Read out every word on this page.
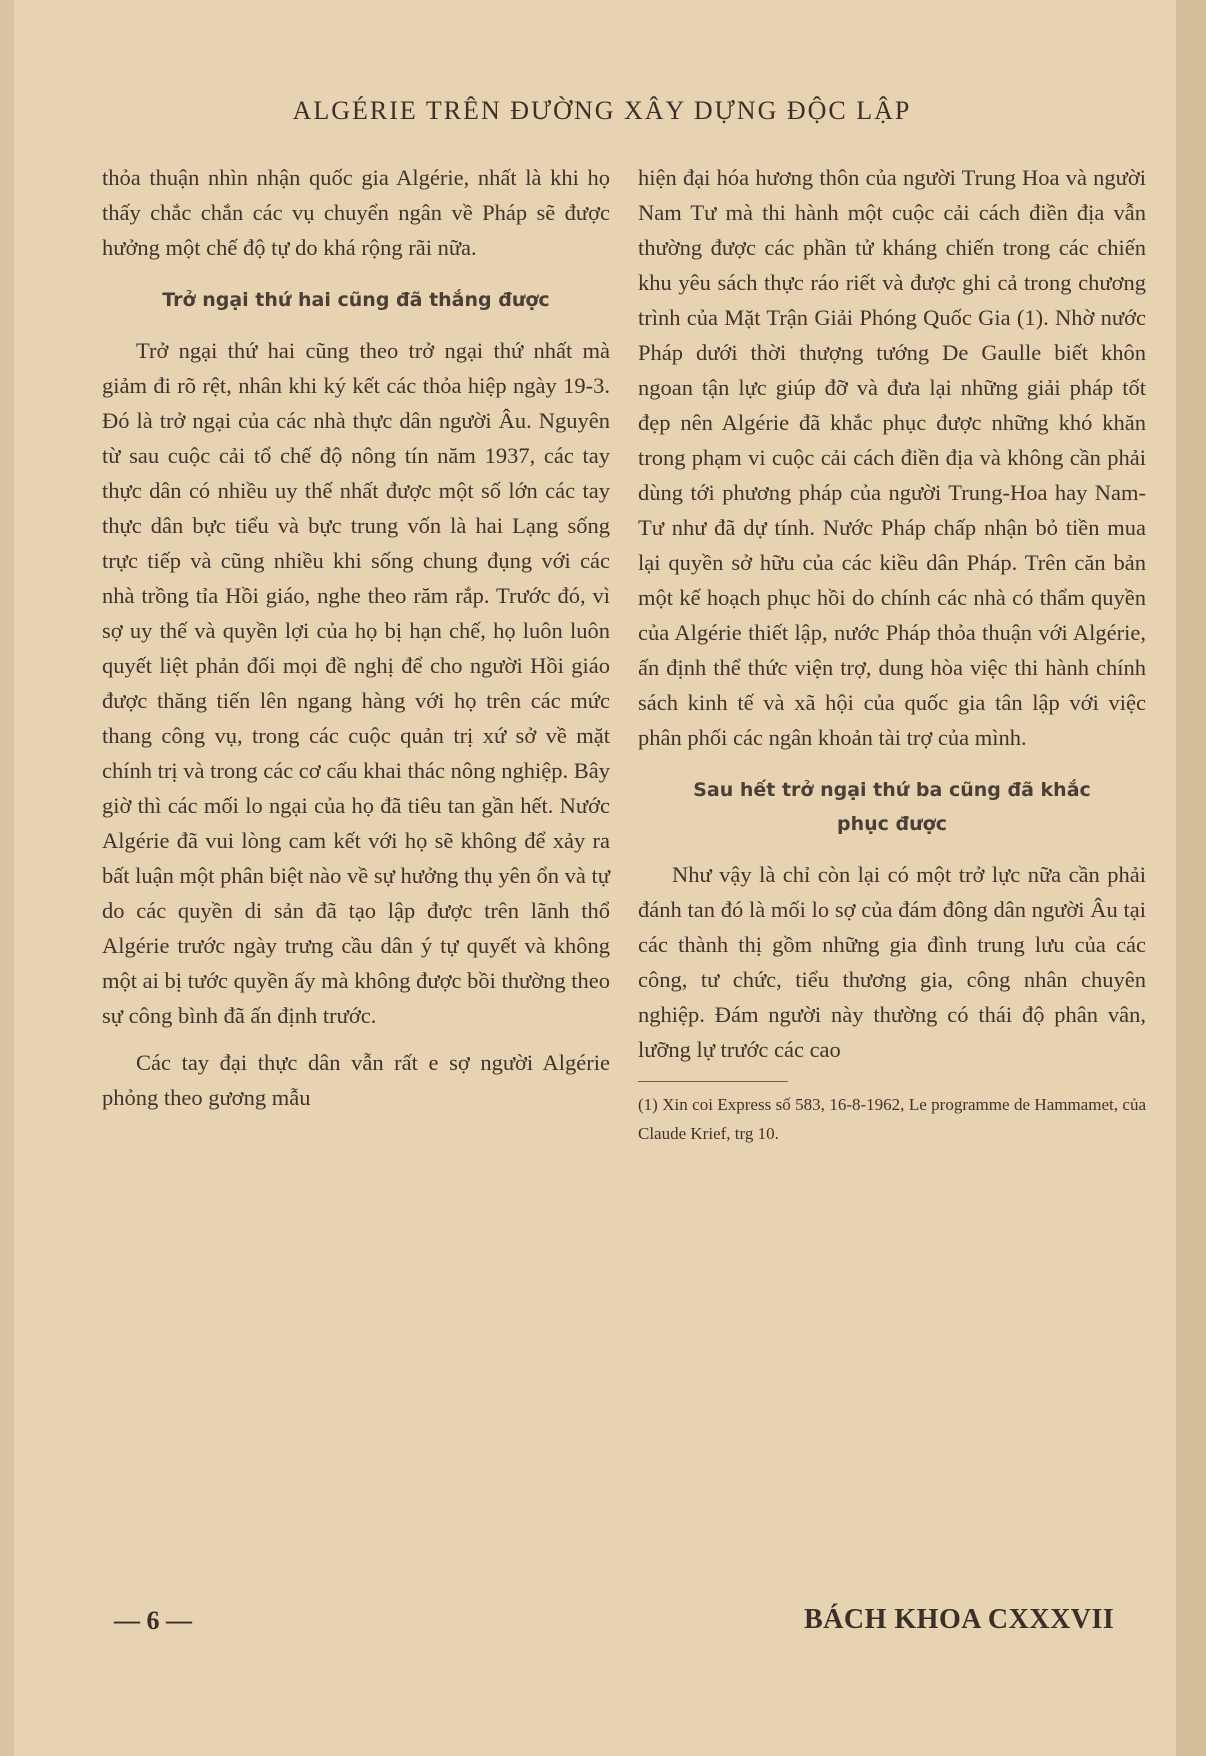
ALGÉRIE TRÊN ĐƯỜNG XÂY DỰNG ĐỘC LẬP

thỏa thuận nhìn nhận quốc gia Algérie, nhất là khi họ thấy chắc chắn các vụ chuyển ngân về Pháp sẽ được hưởng một chế độ tự do khá rộng rãi nữa.

Trở ngại thứ hai cũng đã thắng được

Trở ngại thứ hai cũng theo trở ngại thứ nhất mà giảm đi rõ rệt, nhân khi ký kết các thỏa hiệp ngày 19-3. Đó là trở ngại của các nhà thực dân người Âu. Nguyên từ sau cuộc cải tổ chế độ nông tín năm 1937, các tay thực dân có nhiều uy thế nhất được một số lớn các tay thực dân bực tiểu và bực trung vốn là hai Lạng sống trực tiếp và cũng nhiều khi sống chung đụng với các nhà trồng tỉa Hồi giáo, nghe theo răm rắp. Trước đó, vì sợ uy thế và quyền lợi của họ bị hạn chế, họ luôn luôn quyết liệt phản đối mọi đề nghị để cho người Hồi giáo được thăng tiến lên ngang hàng với họ trên các mức thang công vụ, trong các cuộc quản trị xứ sở về mặt chính trị và trong các cơ cấu khai thác nông nghiệp. Bây giờ thì các mối lo ngại của họ đã tiêu tan gần hết. Nước Algérie đã vui lòng cam kết với họ sẽ không để xảy ra bất luận một phân biệt nào về sự hưởng thụ yên ổn và tự do các quyền di sản đã tạo lập được trên lãnh thổ Algérie trước ngày trưng cầu dân ý tự quyết và không một ai bị tước quyền ấy mà không được bồi thường theo sự công bình đã ấn định trước.

Các tay đại thực dân vẫn rất e sợ người Algérie phỏng theo gương mẫu

hiện đại hóa hương thôn của người Trung Hoa và người Nam Tư mà thi hành một cuộc cải cách điền địa vẫn thường được các phần tử kháng chiến trong các chiến khu yêu sách thực ráo riết và được ghi cả trong chương trình của Mặt Trận Giải Phóng Quốc Gia (1). Nhờ nước Pháp dưới thời thượng tướng De Gaulle biết khôn ngoan tận lực giúp đỡ và đưa lại những giải pháp tốt đẹp nên Algérie đã khắc phục được những khó khăn trong phạm vi cuộc cải cách điền địa và không cần phải dùng tới phương pháp của người Trung-Hoa hay Nam-Tư như đã dự tính. Nước Pháp chấp nhận bỏ tiền mua lại quyền sở hữu của các kiều dân Pháp. Trên căn bản một kế hoạch phục hồi do chính các nhà có thẩm quyền của Algérie thiết lập, nước Pháp thỏa thuận với Algérie, ấn định thể thức viện trợ, dung hòa việc thi hành chính sách kinh tế và xã hội của quốc gia tân lập với việc phân phối các ngân khoản tài trợ của mình.

Sau hết trở ngại thứ ba cũng đã khắc phục được

Như vậy là chỉ còn lại có một trở lực nữa cần phải đánh tan đó là mối lo sợ của đám đông dân người Âu tại các thành thị gồm những gia đình trung lưu của các công, tư chức, tiểu thương gia, công nhân chuyên nghiệp. Đám người này thường có thái độ phân vân, lưỡng lự trước các cao

(1) Xin coi Express số 583, 16-8-1962, Le programme de Hammamet, của Claude Krief, trg 10.

— 6 —	BÁCH KHOA CXXXVII
